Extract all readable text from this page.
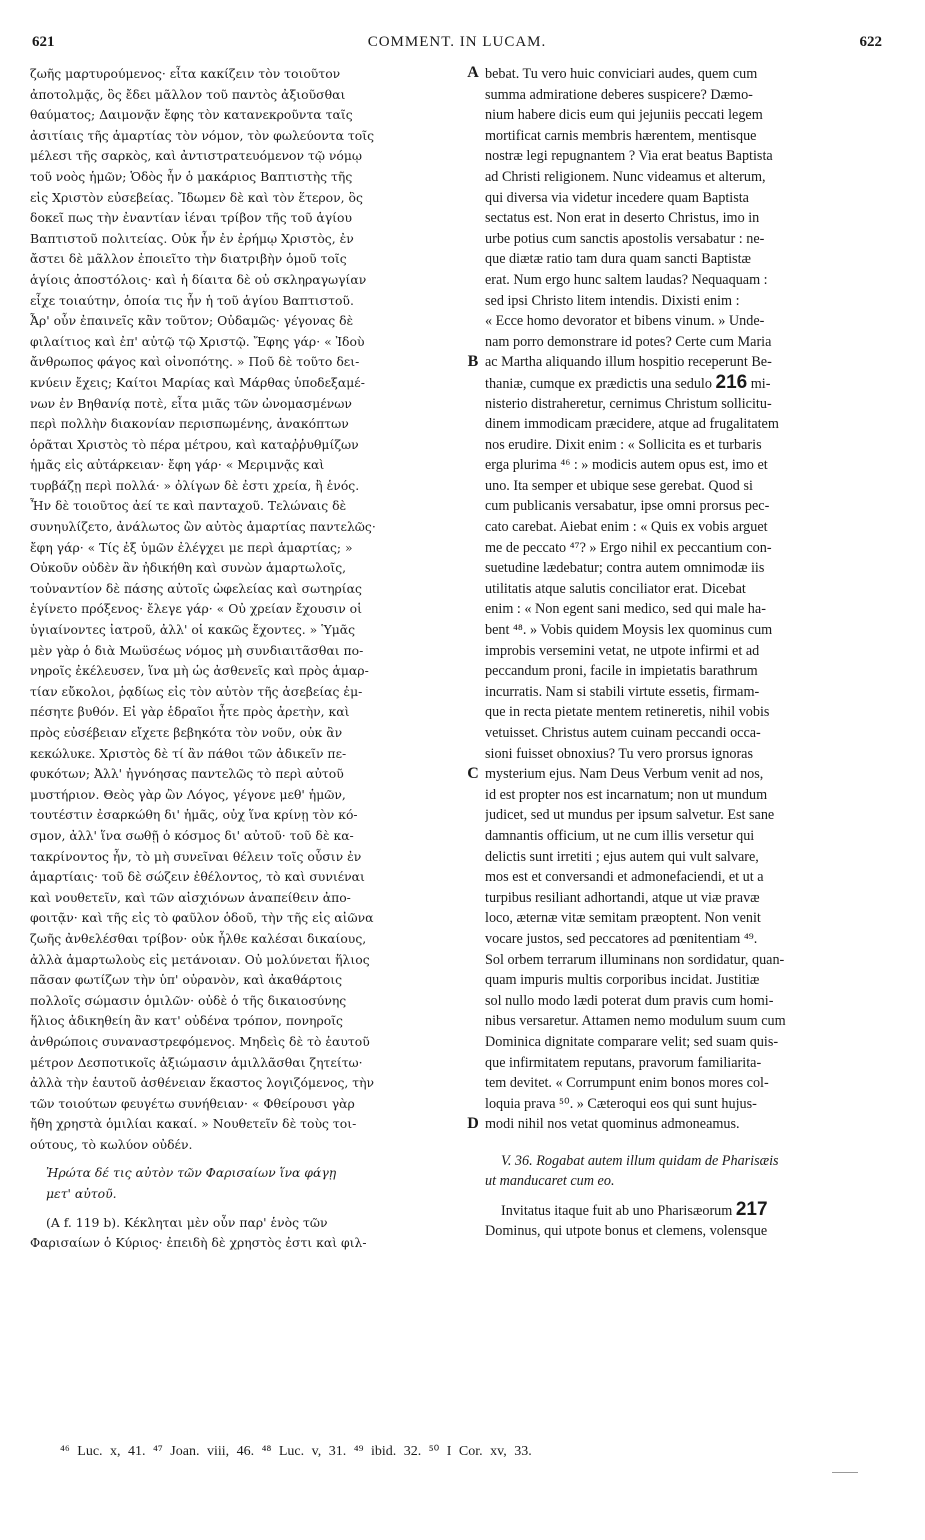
621	COMMENT. IN LUCAM.	622
ζωῆς μαρτυρούμενος· εἶτα κακίζειν τὸν τοιοῦτον
ἀποτολμᾷς, ὃς ἔδει μᾶλλον τοῦ παντὸς ἀξιοῦσθαι
θαύματος; Δαιμονᾷν ἔφης τὸν κατανεκροῦντα ταῖς
ἀσιτίαις τῆς ἁμαρτίας τὸν νόμον, τὸν φωλεύοντα τοῖς
μέλεσι τῆς σαρκὸς, καὶ ἀντιστρατευόμενον τῷ νόμῳ
τοῦ νοὸς ἡμῶν; Ὁδὸς ἦν ὁ μακάριος Βαπτιστὴς τῆς
εἰς Χριστὸν εὐσεβείας. Ἴδωμεν δὲ καὶ τὸν ἕτερον, ὃς
δοκεῖ πως τὴν ἐναντίαν ἰέναι τρίβον τῆς τοῦ ἁγίου
Βαπτιστοῦ πολιτείας. Οὐκ ἦν ἐν ἐρήμῳ Χριστὸς, ἐν
ἄστει δὲ μᾶλλον ἐποιεῖτο τὴν διατριβὴν ὁμοῦ τοῖς
ἁγίοις ἀποστόλοις· καὶ ἡ δίαιτα δὲ οὐ σκληραγωγίαν
εἶχε τοιαύτην, ὁποία τις ἦν ἡ τοῦ ἁγίου Βαπτιστοῦ.
Ἆρ' οὖν ἐπαινεῖς κἂν τοῦτον; Οὐδαμῶς· γέγονας δὲ
φιλαίτιος καὶ ἐπ' αὐτῷ τῷ Χριστῷ. Ἔφης γάρ· « Ἰδοὺ
ἄνθρωπος φάγος καὶ οἰνοπότης. » Ποῦ δὲ τοῦτο δει-
κνύειν ἔχεις; Καίτοι Μαρίας καὶ Μάρθας ὑποδεξαμέ-
νων ἐν Βηθανίᾳ ποτὲ, εἶτα μιᾶς τῶν ὠνομασμένων
περὶ πολλὴν διακονίαν περισπωμένης, ἀνακόπτων
ὁρᾶται Χριστὸς τὸ πέρα μέτρου, καὶ καταῤῥυθμίζων
ἡμᾶς εἰς αὐτάρκειαν· ἔφη γάρ· « Μεριμνᾷς καὶ
τυρβάζῃ περὶ πολλά· » ὀλίγων δὲ ἐστι χρεία, ἢ ἑνός.
Ἦν δὲ τοιοῦτος ἀεί τε καὶ πανταχοῦ. Τελώναις δὲ
συνηυλίζετο, ἀνάλωτος ὢν αὐτὸς ἁμαρτίας παντελῶς·
ἔφη γάρ· « Τίς ἐξ ὑμῶν ἐλέγχει με περὶ ἁμαρτίας; »
Οὐκοῦν οὐδὲν ἂν ἠδικήθη καὶ συνὼν ἁμαρτωλοῖς,
τοὐναντίον δὲ πάσης αὐτοῖς ὠφελείας καὶ σωτηρίας
ἐγίνετο πρόξενος· ἔλεγε γάρ· « Οὐ χρείαν ἔχουσιν οἱ
ὑγιαίνοντες ἰατροῦ, ἀλλ' οἱ κακῶς ἔχοντες. » Ὑμᾶς
μὲν γὰρ ὁ διὰ Μωϋσέως νόμος μὴ συνδιαιτᾶσθαι πο-
νηροῖς ἐκέλευσεν, ἵνα μὴ ὡς ἀσθενεῖς καὶ πρὸς ἁμαρ-
τίαν εὔκολοι, ῥᾳδίως εἰς τὸν αὐτὸν τῆς ἀσεβείας ἐμ-
πέσητε βυθόν. Εἰ γὰρ ἑδραῖοι ἦτε πρὸς ἀρετὴν, καὶ
πρὸς εὐσέβειαν εἴχετε βεβηκότα τὸν νοῦν, οὐκ ἂν
κεκώλυκε. Χριστὸς δὲ τί ἂν πάθοι τῶν ἀδικεῖν πε-
φυκότων; Ἀλλ' ἠγνόησας παντελῶς τὸ περὶ αὐτοῦ
μυστήριον. Θεὸς γὰρ ὢν Λόγος, γέγονε μεθ' ἡμῶν,
τουτέστιν ἐσαρκώθη δι' ἡμᾶς, οὐχ ἵνα κρίνῃ τὸν κό-
σμον, ἀλλ' ἵνα σωθῇ ὁ κόσμος δι' αὐτοῦ· τοῦ δὲ κα-
τακρίνοντος ἦν, τὸ μὴ συνεῖναι θέλειν τοῖς οὖσιν ἐν
ἁμαρτίαις· τοῦ δὲ σώζειν ἐθέλοντος, τὸ καὶ συνιέναι
καὶ νουθετεῖν, καὶ τῶν αἰσχιόνων ἀναπείθειν ἀπο-
φοιτᾷν· καὶ τῆς εἰς τὸ φαῦλον ὁδοῦ, τὴν τῆς εἰς αἰῶνα
ζωῆς ἀνθελέσθαι τρίβον· οὐκ ἦλθε καλέσαι δικαίους,
ἀλλὰ ἁμαρτωλοὺς εἰς μετάνοιαν. Οὐ μολύνεται ἥλιος
πᾶσαν φωτίζων τὴν ὑπ' οὐρανὸν, καὶ ἀκαθάρτοις
πολλοῖς σώμασιν ὁμιλῶν· οὐδὲ ὁ τῆς δικαιοσύνης
ἥλιος ἀδικηθείη ἂν κατ' οὐδένα τρόπον, πονηροῖς
ἀνθρώποις συναναστρεφόμενος. Μηδεὶς δὲ τὸ ἑαυτοῦ
μέτρον Δεσποτικοῖς ἀξιώμασιν ἁμιλλᾶσθαι ζητείτω·
ἀλλὰ τὴν ἑαυτοῦ ἀσθένειαν ἕκαστος λογιζόμενος, τὴν
τῶν τοιούτων φευγέτω συνήθειαν· « Φθείρουσι γὰρ
ἤθη χρηστὰ ὁμιλίαι κακαί. » Νουθετεῖν δὲ τοὺς τοι-
ούτους, τὸ κωλύον οὐδέν.
Ἠρώτα δέ τις αὐτὸν τῶν Φαρισαίων ἵνα φάγῃ
μετ' αὐτοῦ.
(A f. 119 b). Κέκληται μὲν οὖν παρ' ἑνὸς τῶν
Φαρισαίων ὁ Κύριος· ἐπειδὴ δὲ χρηστὸς ἐστι καὶ φιλ-
bebat. Tu vero huic conviciari audes, quem cum
summa admiratione deberes suspicere? Dæmo-
nium habere dicis eum qui jejuniis peccati legem
mortificat carnis membris hærentem, mentisque
nostræ legi repugnantem ? Via erat beatus Baptista
ad Christi religionem. Nunc videamus et alterum,
qui diversa via videtur incedere quam Baptista
sectatus est. Non erat in deserto Christus, imo in
urbe potius cum sanctis apostolis versabatur : ne-
que diætæ ratio tam dura quam sancti Baptistæ
erat. Num ergo hunc saltem laudas? Nequaquam :
sed ipsi Christo litem intendis. Dixisti enim :
« Ecce homo devorator et bibens vinum. » Unde-
nam porro demonstrare id potes? Certe cum Maria
ac Martha aliquando illum hospitio receperunt Be-
thaniæ, cumque ex prædictis una sedulo 216 mi-
nisterio distraheretur, cernimus Christum sollicitu-
dinem immodicam præcidere, atque ad frugalitatem
nos erudire. Dixit enim : « Sollicita es et turbaris
erga plurima ⁴⁶ : » modicis autem opus est, imo et
uno. Ita semper et ubique sese gerebat. Quod si
cum publicanis versabatur, ipse omni prorsus pec-
cato carebat. Aiebat enim : « Quis ex vobis arguet
me de peccato ⁴⁷? » Ergo nihil ex peccantium con-
suetudine lædebatur; contra autem omnimodæ iis
utilitatis atque salutis conciliator erat. Dicebat
enim : « Non egent sani medico, sed qui male ha-
bent ⁴⁸. » Vobis quidem Moysis lex quominus cum
improbis versemini vetat, ne utpote infirmi et ad
peccandum proni, facile in impietatis barathrum
incurratis. Nam si stabili virtute essetis, firmam-
que in recta pietate mentem retineretis, nihil vobis
vetuisset. Christus autem cuinam peccandi occa-
sioni fuisset obnoxius? Tu vero prorsus ignoras
mysterium ejus. Nam Deus Verbum venit ad nos,
id est propter nos est incarnatum; non ut mundum
judicet, sed ut mundus per ipsum salvetur. Est sane
damnantis officium, ut ne cum illis versetur qui
delictis sunt irretiti ; ejus autem qui vult salvare,
mos est et conversandi et admonefaciendi, et ut a
turpibus resiliant adhortandi, atque ut viæ pravæ
loco, æternæ vitæ semitam præoptent. Non venit
vocare justos, sed peccatores ad pœnitentiam ⁴⁹.
Sol orbem terrarum illuminans non sordidatur, quan-
quam impuris multis corporibus incidat. Justitiæ
sol nullo modo lædi poterat dum pravis cum homi-
nibus versaretur. Attamen nemo modulum suum cum
Dominica dignitate comparare velit; sed suam quis-
que infirmitatem reputans, pravorum familiarita-
tem devitet. « Corrumpunt enim bonos mores col-
loquia prava ⁵⁰. » Cæteroqui eos qui sunt hujus-
modi nihil nos vetat quominus admoneamus.
V. 36. Rogabat autem illum quidam de Pharisæis
ut manducaret cum eo.
Invitatus itaque fuit ab uno Pharisæorum 217
Dominus, qui utpote bonus et clemens, volensque
A
B
C
D
⁴⁶ Luc. x, 41. ⁴⁷ Joan. viii, 46. ⁴⁸ Luc. v, 31. ⁴⁹ ibid. 32. ⁵⁰ I Cor. xv, 33.
